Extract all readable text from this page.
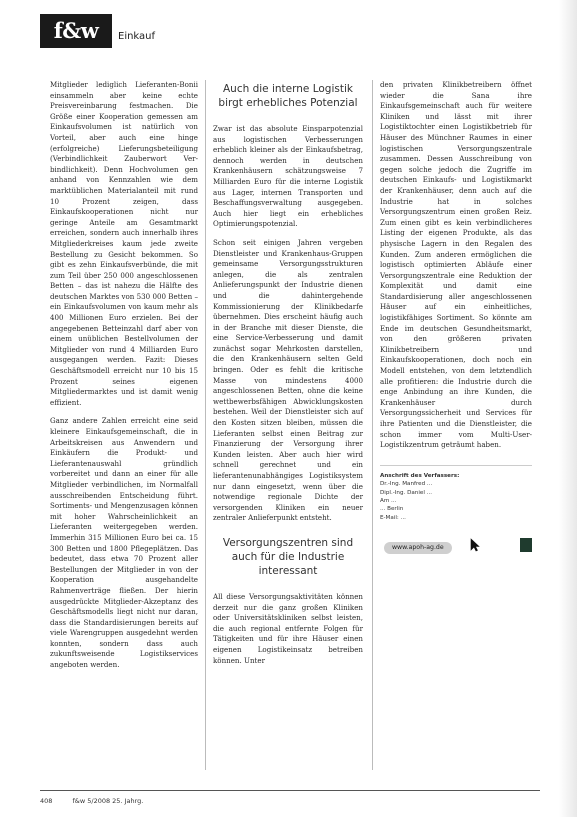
f&w	Einkauf

Mitglieder lediglich Lieferanten-Bonii einsammeln aber keine echte Preisvereinbarung festmachen. Die Größe einer Kooperation gemessen am Einkaufsvolumen ist natürlich von Vorteil, aber auch eine hinge (erfolgreiche) Lieferungsbeteiligung (Verbindlichkeit Zauberwort Verbindlichkeit). Denn Hochvolumen gen anhand von Kennzahlen wie dem marktüblichen Materialanteil mit rund 10 Prozent zeigen, dass Einkaufskooperationen nicht nur geringe Anteile am Gesamtmarkt erreichen, sondern auch innerhalb ihres Mitgliederkreises kaum jede zweite Bestellung zu Gesicht bekommen. So gibt es zehn Einkaufsverbünde, die mit zum Teil über 250 000 angeschlossenen Betten – das ist nahezu die Hälfte des deutschen Marktes von 530 000 Betten – ein Einkaufsvolumen von kaum mehr als 400 Millionen Euro erzielen. Bei der angegebenen Betteinzahl darf aber von einem unüblichen Bestellvolumen der Mitglieder von rund 4 Milliarden Euro ausgegangen werden. Fazit: Dieses Geschäftsmodell erreicht nur 10 bis 15 Prozent seines eigenen Mitgliedermarktes und ist damit wenig effizient.

Ganz andere Zahlen erreicht eine seid kleinere Einkaufsgemeinschaft, die in Arbeitskreisen aus Anwendern und Einkäufern die Produkt- und Lieferantenauswahl gründlich vorbereitet und dann an einer für alle Mitglieder verbindlichen, im Normalfall ausschreibenden Entscheidung führt. Sortiments- und Mengenzusagen können mit hoher Wahrscheinlichkeit an Lieferanten weitergegeben werden. Immerhin 315 Millionen Euro bei ca. 15 300 Betten und 1800 Pflegeplätzen. Das bedeutet, dass etwa 70 Prozent aller Bestellungen der Mitglieder in von der Kooperation ausgehandelte Rahmenverträge fließen. Der hierin ausgedrückte Mitglieder-Akzeptanz des Geschäftsmodells liegt nicht nur daran, dass die Standardisierungen bereits auf viele Warengruppen ausgedehnt werden konnten, sondern dass auch zukunftsweisende Logistikservices angeboten werden.

Auch die interne Logistik birgt erhebliches Potenzial

Zwar ist das absolute Einsparpotenzial aus logistischen Verbesserungen erheblich kleiner als der Einkaufsbetrag, dennoch werden in deutschen Krankenhäusern schätzungsweise 7 Milliarden Euro für die interne Logistik aus Lager, internen Transporten und Beschaffungsverwaltung ausgegeben. Auch hier liegt ein erhebliches Optimierungspotenzial.

Schon seit einigen Jahren vergeben Dienstleister und Krankenhaus-Gruppen gemeinsame Versorgungsstrukturen anlegen, die als zentralen Anlieferungspunkt der Industrie dienen und die dahintergehende Kommissionierung der Klinikbedarfe übernehmen. Dies erscheint häufig auch in der Branche mit dieser Dienste, die eine Service-Verbesserung und damit zunächst sogar Mehrkosten darstellen, die den Krankenhäusern selten Geld bringen. Oder es fehlt die kritische Masse von mindestens 4000 angeschlossenen Betten, ohne die keine wettbewerbsfähigen Abwicklungskosten bestehen. Weil der Dienstleister sich auf den Kosten sitzen bleiben, müssen die Lieferanten selbst einen Beitrag zur Finanzierung der Versorgung ihrer Kunden leisten. Aber auch hier wird schnell gerechnet und ein lieferantenunabhängiges Logistiksystem nur dann eingesetzt, wenn über die notwendige regionale Dichte der versorgenden Kliniken ein neuer zentraler Anlieferpunkt entsteht.

Versorgungszentren sind auch für die Industrie interessant

All diese Versorgungsaktivitäten können derzeit nur die ganz großen Kliniken oder Universitätskliniken selbst leisten, die auch regional entfernte Folgen für Tätigkeiten und für ihre Häuser einen eigenen Logistikeinsatz betreiben können. Unter

den privaten Klinikbetreibern öffnet wieder die Sana ihre Einkaufsgemeinschaft auch für weitere Kliniken und lässt mit ihrer Logistiktochter einen Logistikbetrieb für Häuser des Münchner Raumes in einer logistischen Versorgungszentrale zusammen. Dessen Ausschreibung von gegen solche jedoch die Zugriffe im deutschen Einkaufs- und Logistikmarkt der Krankenhäuser, denn auch auf die Industrie hat in solches Versorgungszentrum einen großen Reiz. Zum einen gibt es kein verbindlicheres Listing der eigenen Produkte, als das physische Lagern in den Regalen des Kunden. Zum anderen ermöglichen die logistisch optimierten Abläufe einer Versorgungszentrale eine Reduktion der Komplexität und damit eine Standardisierung aller angeschlossenen Häuser auf ein einheitliches, logistikfähiges Sortiment. So könnte am Ende im deutschen Gesundheitsmarkt, von den größeren privaten Klinikbetreibern und Einkaufskooperationen, doch noch ein Modell entstehen, von dem letztendlich alle profitieren: die Industrie durch die enge Anbindung an ihre Kunden, die Krankenhäuser durch Versorgungssicherheit und Services für ihre Patienten und die Dienstleister, die schon immer vom Multi-User-Logistikzentrum geträumt haben.

Anschrift des Verfassers:
Dr.-Ing. Manfred ...
Dipl.-Ing. Daniel ...
Am ...
... Berlin
E-Mail: ...
www.apoh-ag.de
408	f&w 5/2008 25. Jahrg.
